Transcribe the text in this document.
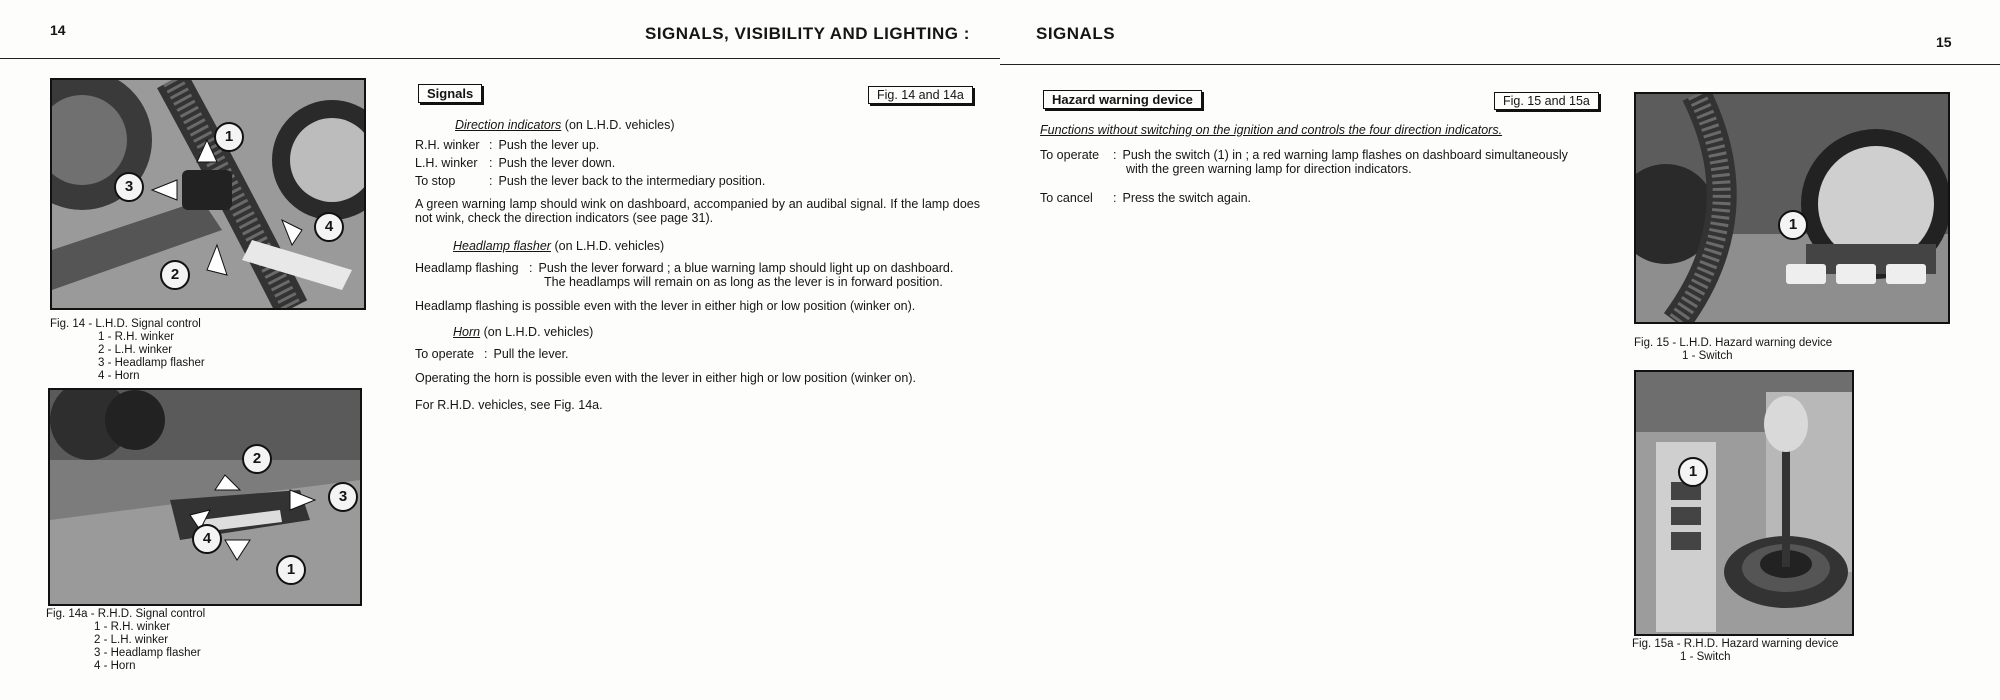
14	SIGNALS, VISIBILITY AND LIGHTING :	SIGNALS	15
1
2
3
4
Fig. 14 - L.H.D. Signal control
1 - R.H. winker
2 - L.H. winker
3 - Headlamp flasher
4 - Horn
2
3
4
1
Fig. 14a - R.H.D. Signal control
1 - R.H. winker
2 - L.H. winker
3 - Headlamp flasher
4 - Horn
Signals	Fig. 14 and 14a
Direction indicators (on L.H.D. vehicles)
R.H. winker : Push the lever up.
L.H. winker : Push the lever down.
To stop	: Push the lever back to the intermediary position.
A green warning lamp should wink on dashboard, accompanied by an audibal signal. If the lamp does not wink, check the direction indicators (see page 31).
Headlamp flasher (on L.H.D. vehicles)
Headlamp flashing : Push the lever forward ; a blue warning lamp should light up on dashboard.
The headlamps will remain on as long as the lever is in forward position.
Headlamp flashing is possible even with the lever in either high or low position (winker on).
Horn (on L.H.D. vehicles)
To operate : Pull the lever.
Operating the horn is possible even with the lever in either high or low position (winker on).
For R.H.D. vehicles, see Fig. 14a.
Hazard warning device	Fig. 15 and 15a
Functions without switching on the ignition and controls the four direction indicators.
To operate	: Push the switch (1) in ; a red warning lamp flashes on dashboard simultaneously
with the green warning lamp for direction indicators.
To cancel	: Press the switch again.
1
Fig. 15 - L.H.D. Hazard warning device
1 - Switch
1
Fig. 15a - R.H.D. Hazard warning device
1 - Switch
